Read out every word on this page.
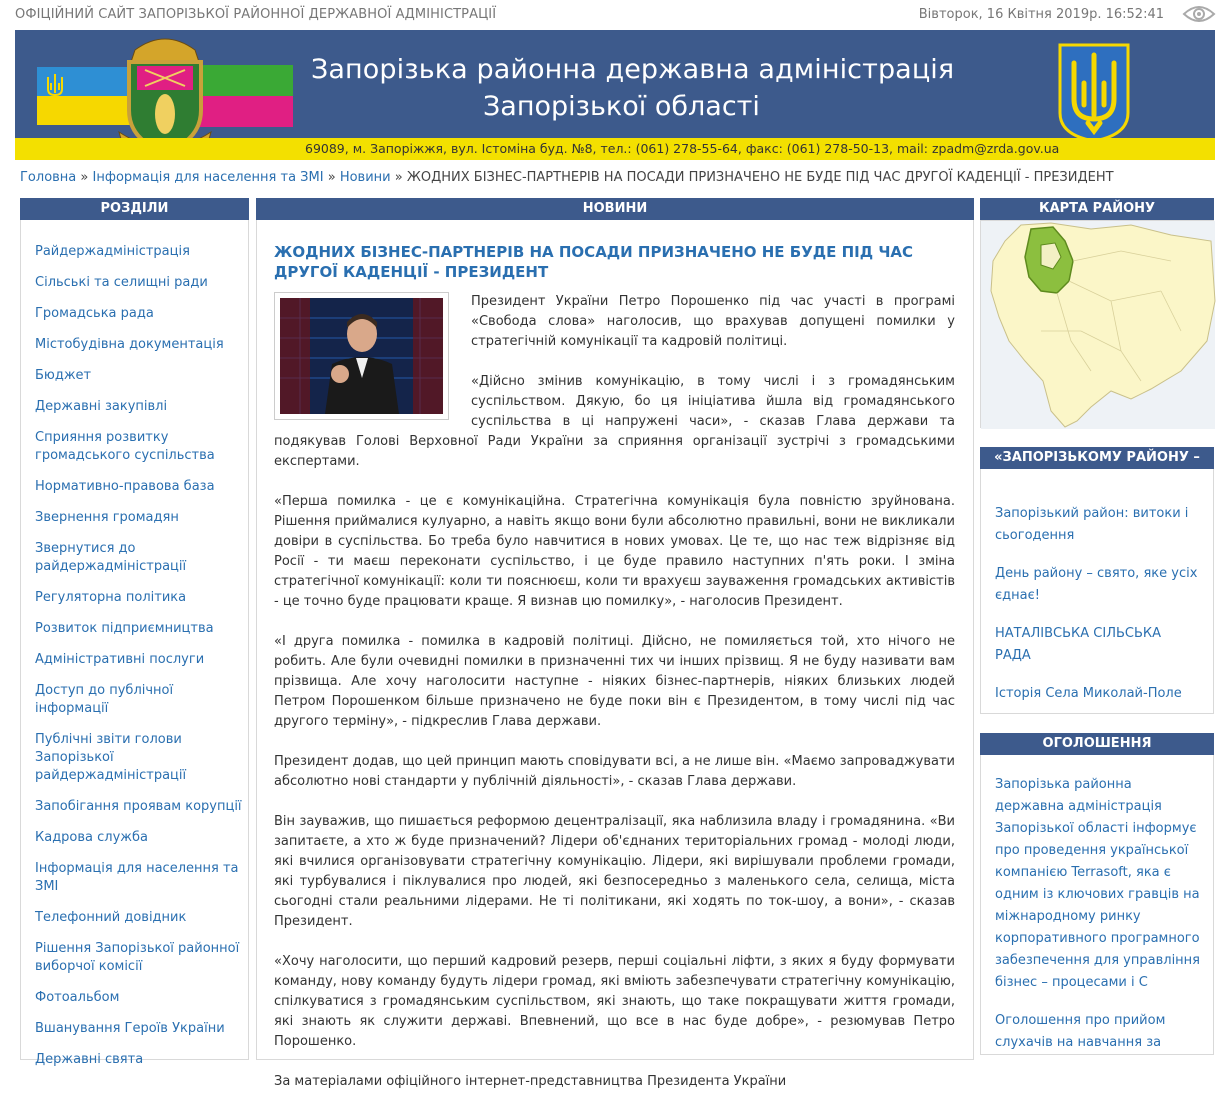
ОФІЦІЙНИЙ САЙТ ЗАПОРІЗЬКОЇ РАЙОННОЇ ДЕРЖАВНОЇ АДМІНІСТРАЦІЇ	Вівторок, 16 Квітня 2019р. 16:52:41
Запорізька районна державна адміністрація
Запорізької області
69089, м. Запоріжжя, вул. Істоміна буд. №8, тел.: (061) 278-55-64, факс: (061) 278-50-13, mail: zpadm@zrda.gov.ua
Головна » Інформація для населення та ЗМІ » Новини » ЖОДНИХ БІЗНЕС-ПАРТНЕРІВ НА ПОСАДИ ПРИЗНАЧЕНО НЕ БУДЕ ПІД ЧАС ДРУГОЇ КАДЕНЦІЇ - ПРЕЗИДЕНТ
РОЗДІЛИ
Райдержадміністрація
Сільські та селищні ради
Громадська рада
Містобудівна документація
Бюджет
Державні закупівлі
Сприяння розвитку громадського суспільства
Нормативно-правова база
Звернення громадян
Звернутися до райдержадміністрації
Регуляторна політика
Розвиток підприємництва
Адміністративні послуги
Доступ до публічної інформації
Публічні звіти голови Запорізької райдержадміністрації
Запобігання проявам корупції
Кадрова служба
Інформація для населення та ЗМІ
Телефонний довідник
Рішення Запорізької районної виборчої комісії
Фотоальбом
Вшанування Героїв України
Державні свята
НОВИНИ
ЖОДНИХ БІЗНЕС-ПАРТНЕРІВ НА ПОСАДИ ПРИЗНАЧЕНО НЕ БУДЕ ПІД ЧАС ДРУГОЇ КАДЕНЦІЇ - ПРЕЗИДЕНТ

Президент України Петро Порошенко під час участі в програмі «Свобода слова» наголосив, що врахував допущені помилки у стратегічній комунікації та кадровій політиці.

«Дійсно змінив комунікацію, в тому числі і з громадянським суспільством. Дякую, бо ця ініціатива йшла від громадянського суспільства в ці напружені часи», - сказав Глава держави та подякував Голові Верховної Ради України за сприяння організації зустрічі з громадськими експертами.

«Перша помилка - це є комунікаційна. Стратегічна комунікація була повністю зруйнована. Рішення приймалися кулуарно, а навіть якщо вони були абсолютно правильні, вони не викликали довіри в суспільства. Бо треба було навчитися в нових умовах. Це те, що нас теж відрізняє від Росії - ти маєш переконати суспільство, і це буде правило наступних п'ять роки. І зміна стратегічної комунікації: коли ти пояснюєш, коли ти врахуєш зауваження громадських активістів - це точно буде працювати краще. Я визнав цю помилку», - наголосив Президент.

«І друга помилка - помилка в кадровій політиці. Дійсно, не помиляється той, хто нічого не робить. Але були очевидні помилки в призначенні тих чи інших прізвищ. Я не буду називати вам прізвища. Але хочу наголосити наступне - ніяких бізнес-партнерів, ніяких близьких людей Петром Порошенком більше призначено не буде поки він є Президентом, в тому числі під час другого терміну», - підкреслив Глава держави.

Президент додав, що цей принцип мають сповідувати всі, а не лише він. «Маємо запроваджувати абсолютно нові стандарти у публічній діяльності», - сказав Глава держави.

Він зауважив, що пишається реформою децентралізації, яка наблизила владу і громадянина. «Ви запитаєте, а хто ж буде призначений? Лідери об'єднаних територіальних громад - молоді люди, які вчилися організовувати стратегічну комунікацію. Лідери, які вирішували проблеми громади, які турбувалися і піклувалися про людей, які безпосередньо з маленького села, селища, міста сьогодні стали реальними лідерами. Не ті політикани, які ходять по ток-шоу, а вони», - сказав Президент.

«Хочу наголосити, що перший кадровий резерв, перші соціальні ліфти, з яких я буду формувати команду, нову команду будуть лідери громад, які вміють забезпечувати стратегічну комунікацію, спілкуватися з громадянським суспільством, які знають, що таке покращувати життя громади, які знають як служити державі. Впевнений, що все в нас буде добре», - резюмував Петро Порошенко.

За матеріалами офіційного інтернет-представництва Президента України

КАРТА РАЙОНУ
«ЗАПОРІЗЬКОМУ РАЙОНУ – 80»
Запорізький район: витоки і сьогодення
День району – свято, яке усіх єднає!
НАТАЛІВСЬКА СІЛЬСЬКА РАДА
Історія Села Миколай-Поле
ОГОЛОШЕННЯ
Запорізька районна державна адміністрація Запорізької області інформує про проведення української компанією Terrasoft, яка є одним із ключових гравців на міжнародному ринку корпоративного програмного забезпечення для управління бізнес – процесами і С
Оголошення про прийом слухачів на навчання за
